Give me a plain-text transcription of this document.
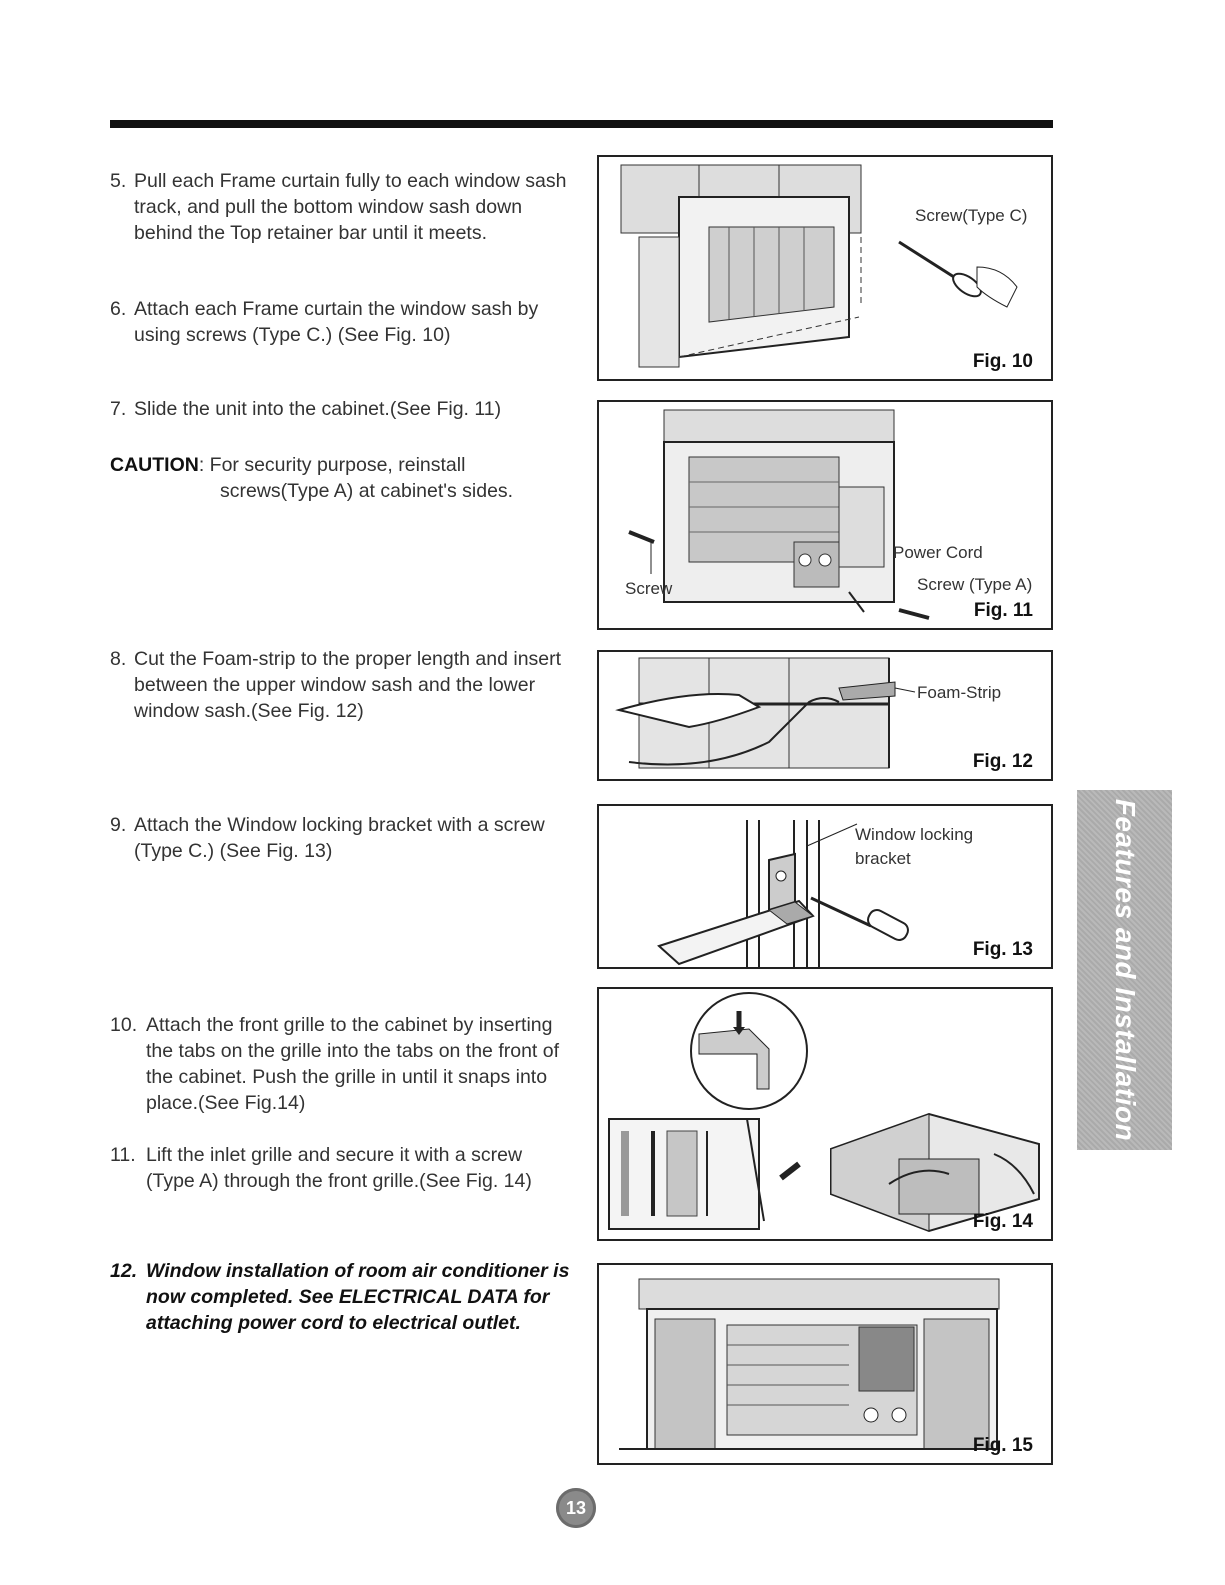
5. Pull each Frame curtain fully to each window sash track, and pull the bottom window sash down behind the Top retainer bar until it meets.
6. Attach each Frame curtain the window sash by using screws (Type C.) (See Fig. 10)
7. Slide the unit into the cabinet.(See Fig. 11)
CAUTION: For security purpose, reinstall
screws(Type A) at cabinet's sides.
8. Cut the Foam-strip to the proper length and insert between the upper window sash and the lower window sash.(See Fig. 12)
9. Attach the Window locking bracket with a screw (Type C.) (See Fig. 13)
10. Attach the front grille to the cabinet by inserting the tabs on the grille into the tabs on the front of the cabinet. Push the grille in until it snaps into place.(See Fig.14)
11. Lift the inlet grille and secure it with a screw (Type A) through the front grille.(See Fig. 14)
12. Window installation of room air conditioner is now completed. See ELECTRICAL DATA for attaching power cord to electrical outlet.
Screw(Type C)
Fig. 10
Power Cord
Screw (Type A)
Screw
Fig. 11
Foam-Strip
Fig. 12
Window locking
bracket
Fig. 13
Fig. 14
Fig. 15
Features and Installation
13
